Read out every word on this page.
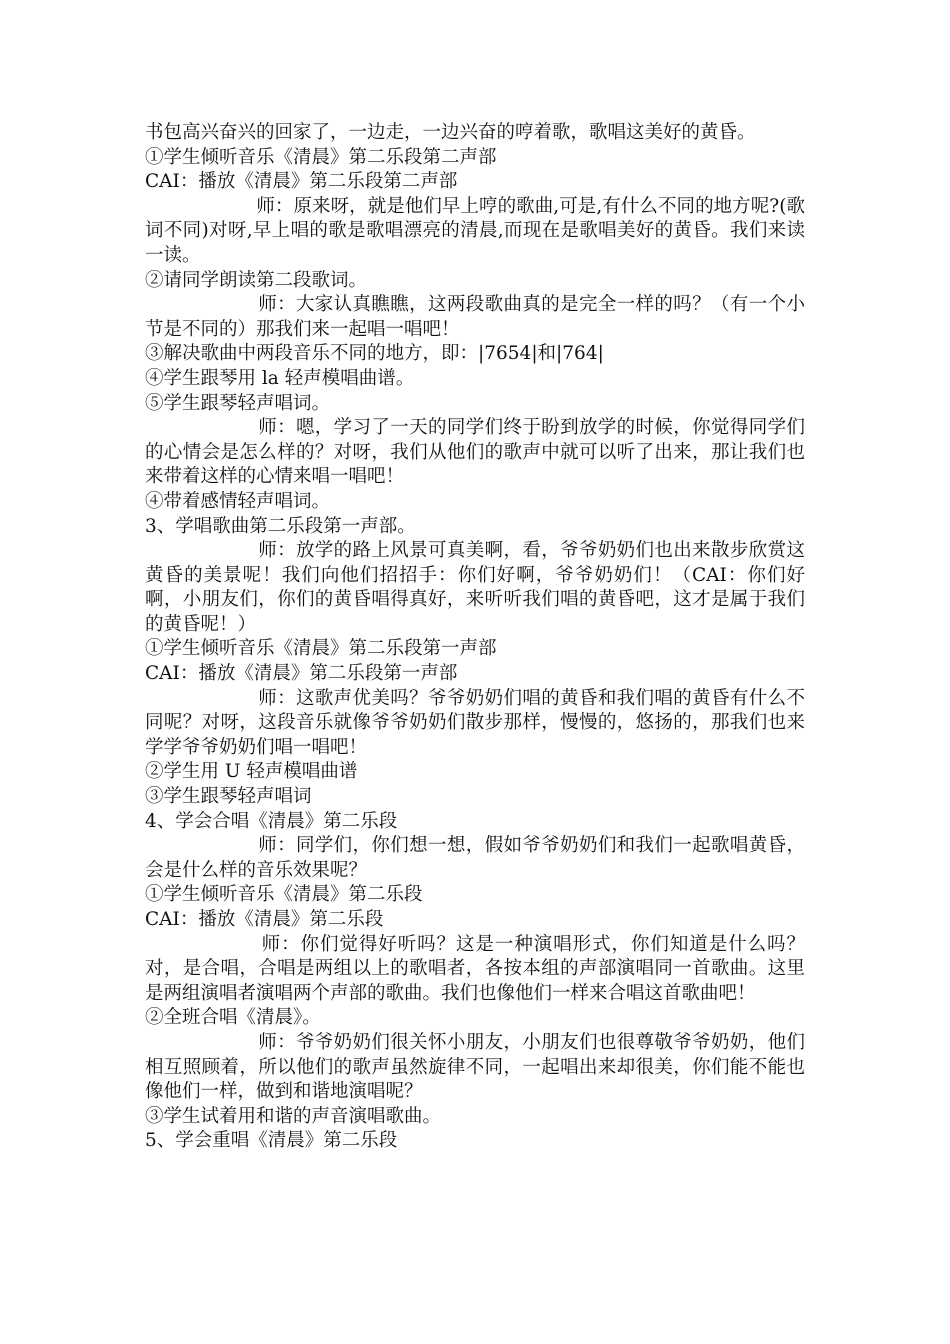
书包高兴奋兴的回家了，一边走，一边兴奋的哼着歌，歌唱这美好的黄昏。

①学生倾听音乐《清晨》第二乐段第二声部

CAI：播放《清晨》第二乐段第二声部

　　　　　　师：原来呀，就是他们早上哼的歌曲,可是,有什么不同的地方呢?(歌词不同)对呀,早上唱的歌是歌唱漂亮的清晨,而现在是歌唱美好的黄昏。我们来读一读。

②请同学朗读第二段歌词。

　　　　　　师：大家认真瞧瞧，这两段歌曲真的是完全一样的吗？（有一个小节是不同的）那我们来一起唱一唱吧！

③解决歌曲中两段音乐不同的地方，即：|7654|和|764|

④学生跟琴用 la 轻声模唱曲谱。

⑤学生跟琴轻声唱词。

　　　　　　师：嗯，学习了一天的同学们终于盼到放学的时候，你觉得同学们的心情会是怎么样的？对呀，我们从他们的歌声中就可以听了出来，那让我们也来带着这样的心情来唱一唱吧！

④带着感情轻声唱词。

3、学唱歌曲第二乐段第一声部。

　　　　　　师：放学的路上风景可真美啊，看，爷爷奶奶们也出来散步欣赏这黄昏的美景呢！我们向他们招招手：你们好啊，爷爷奶奶们！（CAI：你们好啊，小朋友们，你们的黄昏唱得真好，来听听我们唱的黄昏吧，这才是属于我们的黄昏呢！）

①学生倾听音乐《清晨》第二乐段第一声部

CAI：播放《清晨》第二乐段第一声部

　　　　　　师：这歌声优美吗？爷爷奶奶们唱的黄昏和我们唱的黄昏有什么不同呢？对呀，这段音乐就像爷爷奶奶们散步那样，慢慢的，悠扬的，那我们也来学学爷爷奶奶们唱一唱吧！

②学生用 U 轻声模唱曲谱

③学生跟琴轻声唱词

4、学会合唱《清晨》第二乐段

　　　　　　师：同学们，你们想一想，假如爷爷奶奶们和我们一起歌唱黄昏，会是什么样的音乐效果呢？

①学生倾听音乐《清晨》第二乐段

CAI：播放《清晨》第二乐段

　　　　　　师：你们觉得好听吗？这是一种演唱形式，你们知道是什么吗？对，是合唱，合唱是两组以上的歌唱者，各按本组的声部演唱同一首歌曲。这里是两组演唱者演唱两个声部的歌曲。我们也像他们一样来合唱这首歌曲吧！

②全班合唱《清晨》。

　　　　　　师：爷爷奶奶们很关怀小朋友，小朋友们也很尊敬爷爷奶奶，他们相互照顾着，所以他们的歌声虽然旋律不同，一起唱出来却很美，你们能不能也像他们一样，做到和谐地演唱呢？

③学生试着用和谐的声音演唱歌曲。

5、学会重唱《清晨》第二乐段
